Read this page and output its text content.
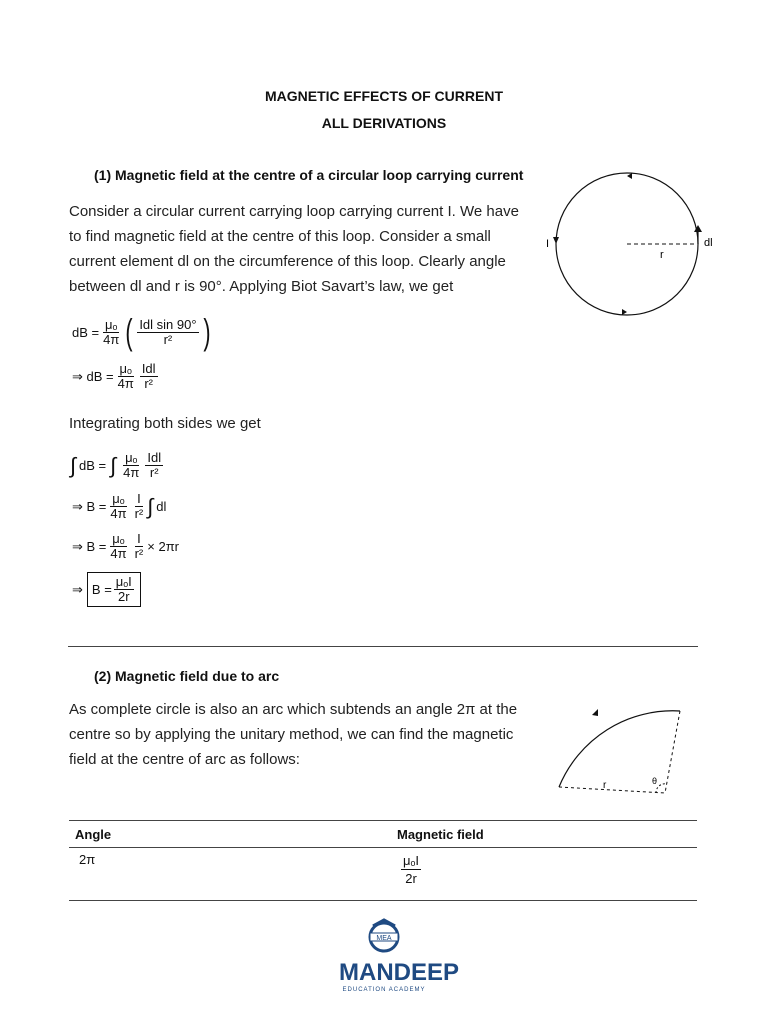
MAGNETIC EFFECTS OF CURRENT
ALL DERIVATIONS
(1) Magnetic field at the centre of a circular loop carrying current
Consider a circular current carrying loop carrying current I. We have
to find magnetic field at the centre of this loop. Consider a small
current element dl on the circumference of this loop. Clearly angle
between dl and r is 90°. Applying Biot Savart’s law, we get
I
r
dl
dB = $\frac{\text{μₒ}}{4\pi}$ ( $\frac{\text{Idl sin 90°}}{\text{r²}}$ )
⇒ dB = $\frac{\text{μₒ}}{4\pi} \frac{\text{Idl}}{\text{r²}}$
Integrating both sides we get
∫ dB = ∫ $\frac{\text{μₒ}}{4\pi} \frac{\text{Idl}}{\text{r²}}$
⇒ $B = \frac{\text{μₒ}}{4\pi} \frac{I}{\text{r²}}$ ∫ dl
⇒ $B = \frac{\text{μₒ}}{4\pi} \frac{I}{\text{r²}} \times 2\pi r$
⇒ $B = \frac{\text{μₒI}}{2r}$
(2) Magnetic field due to arc
As complete circle is also an arc which subtends an angle 2π at the
centre so by applying the unitary method, we can find the magnetic
field at the centre of arc as follows:
r	θ
Angle	Magnetic field
2π	$\frac{\text{μₒI}}{2r}$
MEA
MANDEEP
EDUCATION ACADEMY
